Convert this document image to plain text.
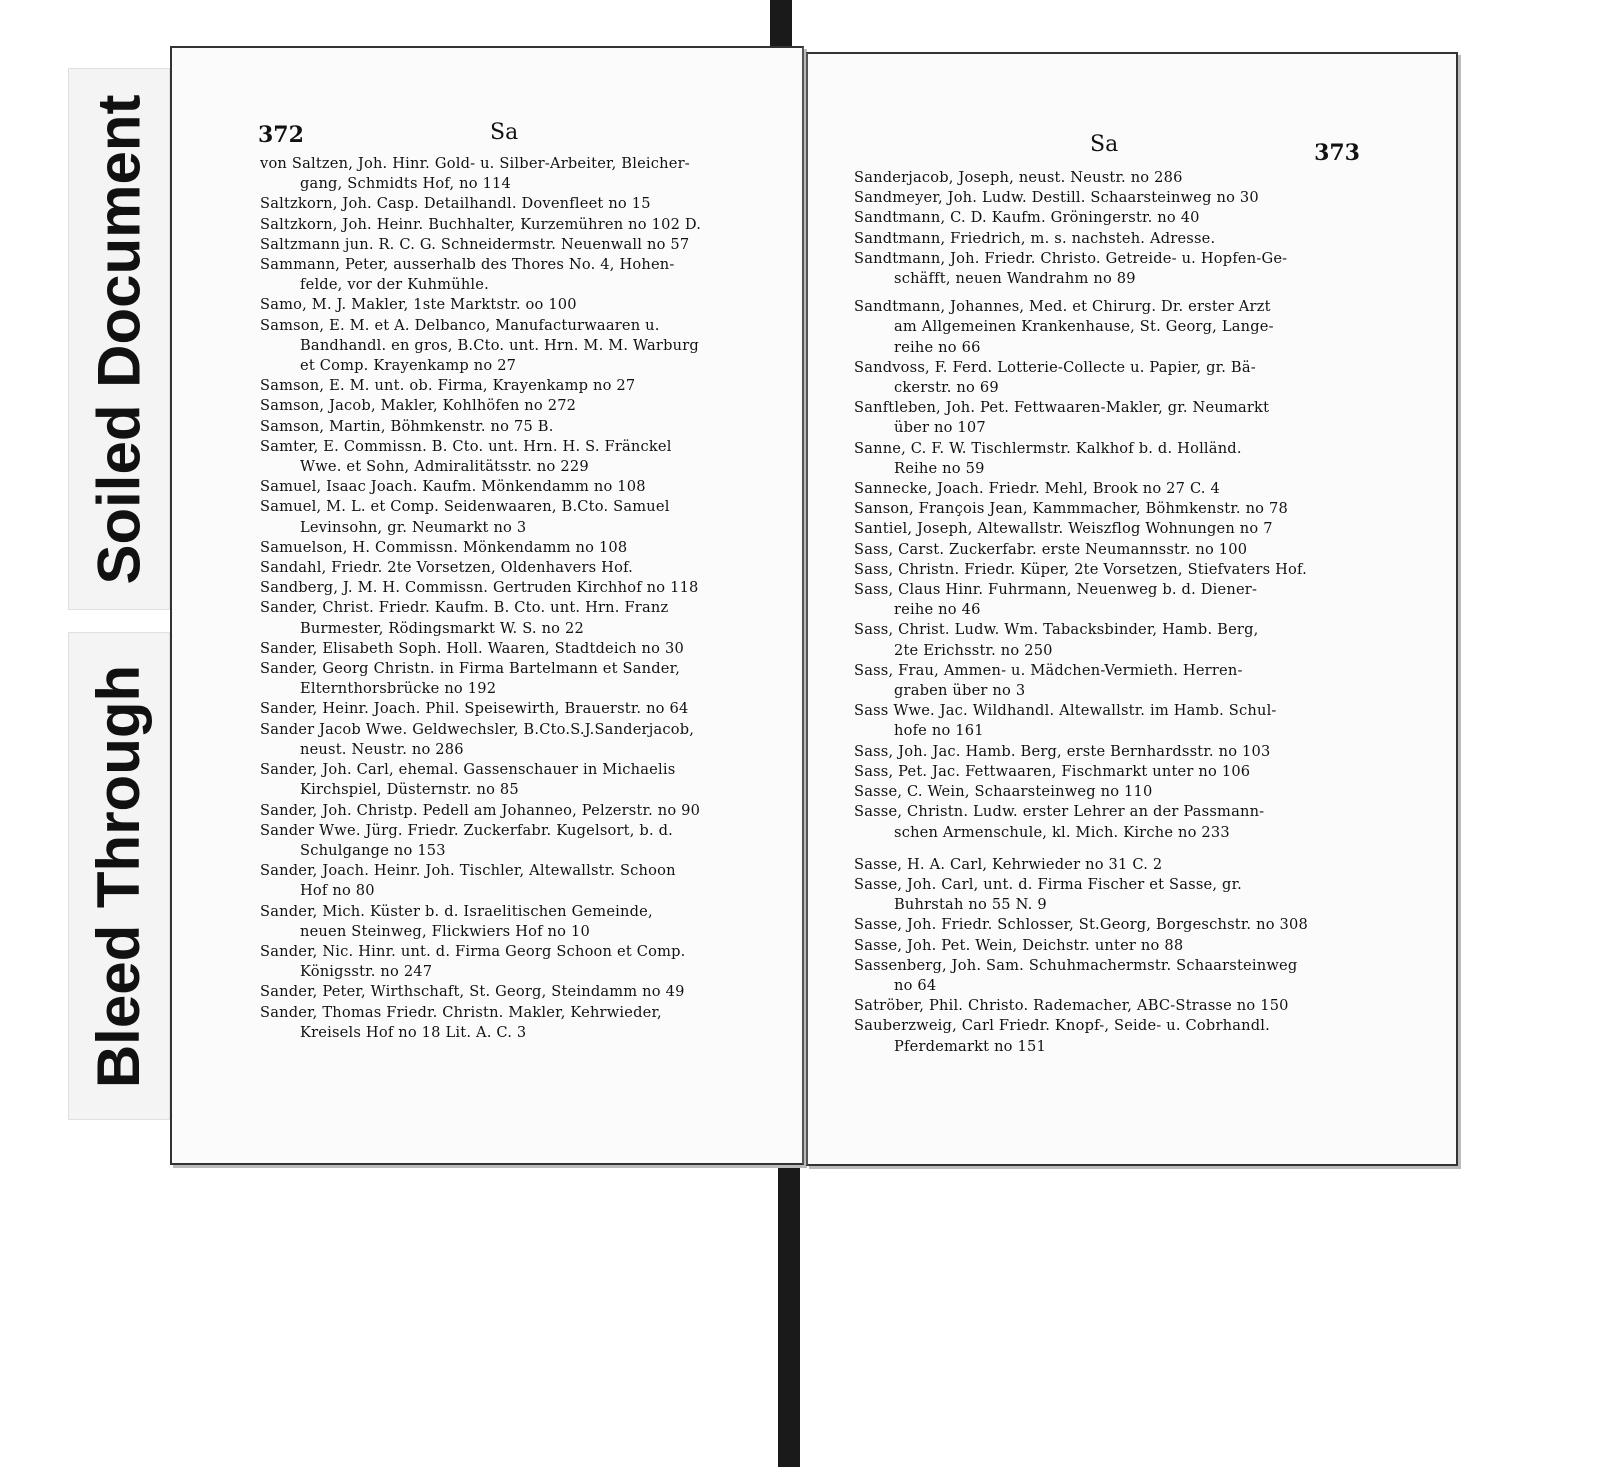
Soiled Document
Bleed Through
372	Sa
von Saltzen, Joh. Hinr. Gold- u. Silber-Arbeiter, Bleicher-
gang, Schmidts Hof, no 114
Saltzkorn, Joh. Casp. Detailhandl. Dovenfleet no 15
Saltzkorn, Joh. Heinr. Buchhalter, Kurzemühren no 102 D.
Saltzmann jun. R. C. G. Schneidermstr. Neuenwall no 57
Sammann, Peter, ausserhalb des Thores No. 4, Hohen-
felde, vor der Kuhmühle.
Samo, M. J. Makler, 1ste Marktstr. oo 100
Samson, E. M. et A. Delbanco, Manufacturwaaren u.
Bandhandl. en gros, B.Cto. unt. Hrn. M. M. Warburg
et Comp. Krayenkamp no 27
Samson, E. M. unt. ob. Firma, Krayenkamp no 27
Samson, Jacob, Makler, Kohlhöfen no 272
Samson, Martin, Böhmkenstr. no 75 B.
Samter, E. Commissn. B. Cto. unt. Hrn. H. S. Fränckel
Wwe. et Sohn, Admiralitätsstr. no 229
Samuel, Isaac Joach. Kaufm. Mönkendamm no 108
Samuel, M. L. et Comp. Seidenwaaren, B.Cto. Samuel
Levinsohn, gr. Neumarkt no 3
Samuelson, H. Commissn. Mönkendamm no 108
Sandahl, Friedr. 2te Vorsetzen, Oldenhavers Hof.
Sandberg, J. M. H. Commissn. Gertruden Kirchhof no 118
Sander, Christ. Friedr. Kaufm. B. Cto. unt. Hrn. Franz
Burmester, Rödingsmarkt W. S. no 22
Sander, Elisabeth Soph. Holl. Waaren, Stadtdeich no 30
Sander, Georg Christn. in Firma Bartelmann et Sander,
Elternthorsbrücke no 192
Sander, Heinr. Joach. Phil. Speisewirth, Brauerstr. no 64
Sander Jacob Wwe. Geldwechsler, B.Cto.S.J.Sanderjacob,
neust. Neustr. no 286
Sander, Joh. Carl, ehemal. Gassenschauer in Michaelis
Kirchspiel, Düsternstr. no 85
Sander, Joh. Christp. Pedell am Johanneo, Pelzerstr. no 90
Sander Wwe. Jürg. Friedr. Zuckerfabr. Kugelsort, b. d.
Schulgange no 153
Sander, Joach. Heinr. Joh. Tischler, Altewallstr. Schoon
Hof no 80
Sander, Mich. Küster b. d. Israelitischen Gemeinde,
neuen Steinweg, Flickwiers Hof no 10
Sander, Nic. Hinr. unt. d. Firma Georg Schoon et Comp.
Königsstr. no 247
Sander, Peter, Wirthschaft, St. Georg, Steindamm no 49
Sander, Thomas Friedr. Christn. Makler, Kehrwieder,
Kreisels Hof no 18 Lit. A. C. 3
373
Sa
Sanderjacob, Joseph, neust. Neustr. no 286
Sandmeyer, Joh. Ludw. Destill. Schaarsteinweg no 30
Sandtmann, C. D. Kaufm. Gröningerstr. no 40
Sandtmann, Friedrich, m. s. nachsteh. Adresse.
Sandtmann, Joh. Friedr. Christo. Getreide- u. Hopfen-Ge-
schäfft, neuen Wandrahm no 89
Sandtmann, Johannes, Med. et Chirurg. Dr. erster Arzt
am Allgemeinen Krankenhause, St. Georg, Lange-
reihe no 66
Sandvoss, F. Ferd. Lotterie-Collecte u. Papier, gr. Bä-
ckerstr. no 69
Sanftleben, Joh. Pet. Fettwaaren-Makler, gr. Neumarkt
über no 107
Sanne, C. F. W. Tischlermstr. Kalkhof b. d. Holländ.
Reihe no 59
Sannecke, Joach. Friedr. Mehl, Brook no 27 C. 4
Sanson, François Jean, Kammmacher, Böhmkenstr. no 78
Santiel, Joseph, Altewallstr. Weiszflog Wohnungen no 7
Sass, Carst. Zuckerfabr. erste Neumannsstr. no 100
Sass, Christn. Friedr. Küper, 2te Vorsetzen, Stiefvaters Hof.
Sass, Claus Hinr. Fuhrmann, Neuenweg b. d. Diener-
reihe no 46
Sass, Christ. Ludw. Wm. Tabacksbinder, Hamb. Berg,
2te Erichsstr. no 250
Sass, Frau, Ammen- u. Mädchen-Vermieth. Herren-
graben über no 3
Sass Wwe. Jac. Wildhandl. Altewallstr. im Hamb. Schul-
hofe no 161
Sass, Joh. Jac. Hamb. Berg, erste Bernhardsstr. no 103
Sass, Pet. Jac. Fettwaaren, Fischmarkt unter no 106
Sasse, C. Wein, Schaarsteinweg no 110
Sasse, Christn. Ludw. erster Lehrer an der Passmann-
schen Armenschule, kl. Mich. Kirche no 233
Sasse, H. A. Carl, Kehrwieder no 31 C. 2
Sasse, Joh. Carl, unt. d. Firma Fischer et Sasse, gr.
Buhrstah no 55 N. 9
Sasse, Joh. Friedr. Schlosser, St.Georg, Borgeschstr. no 308
Sasse, Joh. Pet. Wein, Deichstr. unter no 88
Sassenberg, Joh. Sam. Schuhmachermstr. Schaarsteinweg
no 64
Satröber, Phil. Christo. Rademacher, ABC-Strasse no 150
Sauberzweig, Carl Friedr. Knopf-, Seide- u. Cobrhandl.
Pferdemarkt no 151
